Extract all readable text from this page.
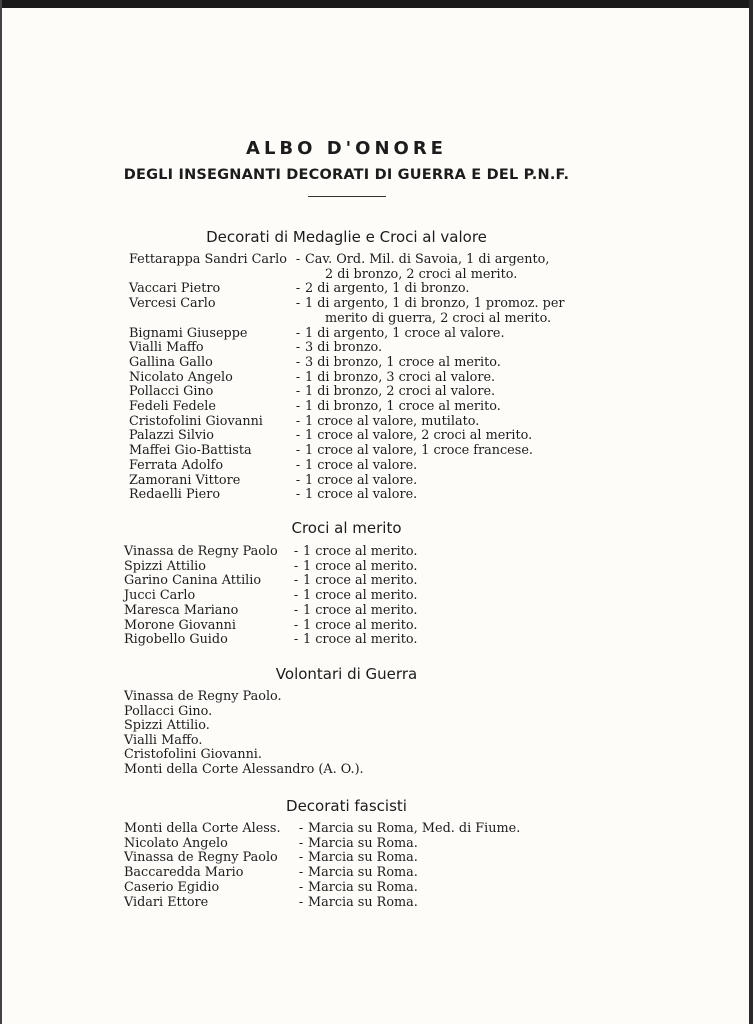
ALBO D'ONORE
DEGLI INSEGNANTI DECORATI DI GUERRA E DEL P.N.F.
Decorati di Medaglie e Croci al valore
Fettarappa Sandri Carlo - Cav. Ord. Mil. di Savoia, 1 di argento,
2 di bronzo, 2 croci al merito.
Vaccari Pietro	- 2 di argento, 1 di bronzo.
Vercesi Carlo	- 1 di argento, 1 di bronzo, 1 promoz. per
merito di guerra, 2 croci al merito.
Bignami Giuseppe	- 1 di argento, 1 croce al valore.
Vialli Maffo	- 3 di bronzo.
Gallina Gallo	- 3 di bronzo, 1 croce al merito.
Nicolato Angelo	- 1 di bronzo, 3 croci al valore.
Pollacci Gino	- 1 di bronzo, 2 croci al valore.
Fedeli Fedele	- 1 di bronzo, 1 croce al merito.
Cristofolini Giovanni	- 1 croce al valore, mutilato.
Palazzi Silvio	- 1 croce al valore, 2 croci al merito.
Maffei Gio-Battista	- 1 croce al valore, 1 croce francese.
Ferrata Adolfo	- 1 croce al valore.
Zamorani Vittore	- 1 croce al valore.
Redaelli Piero	- 1 croce al valore.
Croci al merito
Vinassa de Regny Paolo	- 1 croce al merito.
Spizzi Attilio	- 1 croce al merito.
Garino Canina Attilio	- 1 croce al merito.
Jucci Carlo	- 1 croce al merito.
Maresca Mariano	- 1 croce al merito.
Morone Giovanni	- 1 croce al merito.
Rigobello Guido	- 1 croce al merito.
Volontari di Guerra
Vinassa de Regny Paolo.
Pollacci Gino.
Spizzi Attilio.
Vialli Maffo.
Cristofolini Giovanni.
Monti della Corte Alessandro (A. O.).
Decorati fascisti
Monti della Corte Aless.	- Marcia su Roma, Med. di Fiume.
Nicolato Angelo	- Marcia su Roma.
Vinassa de Regny Paolo	- Marcia su Roma.
Baccaredda Mario	- Marcia su Roma.
Caserio Egidio	- Marcia su Roma.
Vidari Ettore	- Marcia su Roma.
